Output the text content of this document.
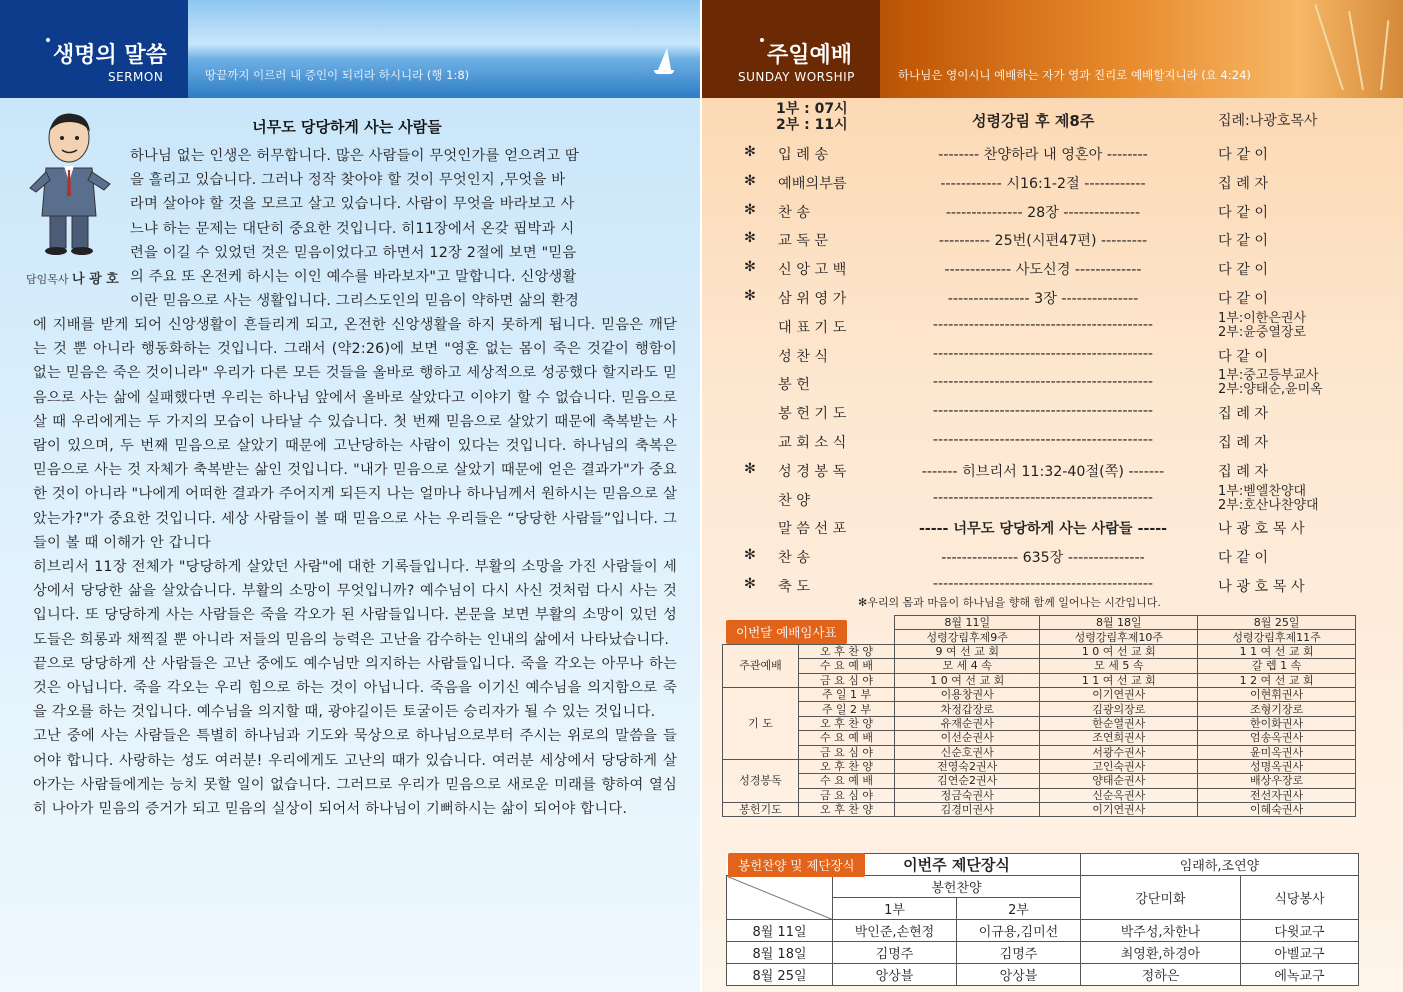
생명의 말씀
SERMON	땅끝까지 이르러 내 증인이 되리라 하시니라 (행 1:8)
주일예배
SUNDAY WORSHIP	하나님은 영이시니 예배하는 자가 영과 진리로 예배할지니라 (요 4:24)
담임목사 나 광 호
너무도 당당하게 사는 사람들
하나님 없는 인생은 허무합니다. 많은 사람들이 무엇인가를 얻으려고 땀
을 흘리고 있습니다. 그러나 정작 찾아야 할 것이 무엇인지 ,무엇을 바
라며 살아야 할 것을 모르고 살고 있습니다. 사람이 무엇을 바라보고 사
느냐 하는 문제는 대단히 중요한 것입니다. 히11장에서 온갖 핍박과 시
련을 이길 수 있었던 것은 믿음이었다고 하면서 12장 2절에 보면 "믿음
의 주요 또 온전케 하시는 이인 예수를 바라보자"고 말합니다. 신앙생활
이란 믿음으로 사는 생활입니다. 그리스도인의 믿음이 약하면 삶의 환경

에 지배를 받게 되어 신앙생활이 흔들리게 되고, 온전한 신앙생활을 하지 못하게 됩니다. 믿음은 깨닫는 것 뿐 아니라 행동화하는 것입니다. 그래서 (약2:26)에 보면 "영혼 없는 몸이 죽은 것같이 행함이 없는 믿음은 죽은 것이니라" 우리가 다른 모든 것들을 올바로 행하고 세상적으로 성공했다 할지라도 믿음으로 사는 삶에 실패했다면 우리는 하나님 앞에서 올바로 살았다고 이야기 할 수 없습니다. 믿음으로 살 때 우리에게는 두 가지의 모습이 나타날 수 있습니다. 첫 번째 믿음으로 살았기 때문에 축복받는 사람이 있으며, 두 번째 믿음으로 살았기 때문에 고난당하는 사람이 있다는 것입니다. 하나님의 축복은 믿음으로 사는 것 자체가 축복받는 삶인 것입니다. "내가 믿음으로 살았기 때문에 얻은 결과가"가 중요한 것이 아니라 "나에게 어떠한 결과가 주어지게 되든지 나는 얼마나 하나님께서 원하시는 믿음으로 살았는가?"가 중요한 것입니다. 세상 사람들이 볼 때 믿음으로 사는 우리들은 “당당한 사람들”입니다. 그들이 볼 때 이해가 안 갑니다

히브리서 11장 전체가 "당당하게 살았던 사람"에 대한 기록들입니다. 부활의 소망을 가진 사람들이 세상에서 당당한 삶을 살았습니다. 부활의 소망이 무엇입니까? 예수님이 다시 사신 것처럼 다시 사는 것입니다. 또 당당하게 사는 사람들은 죽을 각오가 된 사람들입니다. 본문을 보면 부활의 소망이 있던 성도들은 희롱과 채찍질 뿐 아니라 저들의 믿음의 능력은 고난을 감수하는 인내의 삶에서 나타났습니다.

끝으로 당당하게 산 사람들은 고난 중에도 예수님만 의지하는 사람들입니다. 죽을 각오는 아무나 하는 것은 아닙니다. 죽을 각오는 우리 힘으로 하는 것이 아닙니다. 죽음을 이기신 예수님을 의지함으로 죽을 각오를 하는 것입니다. 예수님을 의지할 때, 광야길이든 토굴이든 승리자가 될 수 있는 것입니다.

고난 중에 사는 사람들은 특별히 하나님과 기도와 묵상으로 하나님으로부터 주시는 위로의 말씀을 들어야 합니다. 사랑하는 성도 여러분! 우리에게도 고난의 때가 있습니다. 여러분 세상에서 당당하게 살아가는 사람들에게는 능치 못할 일이 없습니다. 그러므로 우리가 믿음으로 새로운 미래를 향하여 열심히 나아가 믿음의 증거가 되고 믿음의 실상이 되어서 하나님이 기뻐하시는 삶이 되어야 합니다.

1부 : 07시
2부 : 11시	성령강림 후 제8주	집례:나광호목사
✻ 입 례 송	-------- 찬양하라 내 영혼아 --------	다 같 이
✻ 예배의부름	------------ 시16:1-2절 ------------	집 례 자
✻ 찬 송	--------------- 28장 ---------------	다 같 이
✻ 교 독 문	---------- 25번(시편47편) ---------	다 같 이
✻ 신 앙 고 백	------------- 사도신경 -------------	다 같 이
✻ 삼 위 영 가	---------------- 3장 ---------------	다 같 이
대 표 기 도	-------------------------------------------	1부:이한은권사
2부:윤중열장로
성 찬 식	-------------------------------------------	다 같 이
봉 헌	-------------------------------------------	1부:중고등부교사
2부:양태순,윤미옥
봉 헌 기 도	-------------------------------------------	집 례 자
교 회 소 식	-------------------------------------------	집 례 자
✻ 성 경 봉 독	------- 히브리서 11:32-40절(쪽) -------	집 례 자
찬 양	-------------------------------------------	1부:벧엘찬양대
2부:호산나찬양대
말 씀 선 포	----- 너무도 당당하게 사는 사람들 -----	나 광 호 목 사
✻ 찬 송	--------------- 635장 ---------------	다 같 이
✻ 축 도	-------------------------------------------	나 광 호 목 사
✻우리의 몸과 마음이 하나님을 향해 함께 일어나는 시간입니다.
이번달 예배임사표
		8월 11일	8월 18일	8월 25일
		성령강림후제9주	성령강림후제10주	성령강림후제11주
주관예배	오 후 찬 양	9 여 선 교 회	1 0 여 선 교 회	1 1 여 선 교 회
	수 요 예 배	모 세 4 속	모 세 5 속	갈 렙 1 속
	금 요 심 야	1 0 여 선 교 회	1 1 여 선 교 회	1 2 여 선 교 회
기 도	주 일 1 부	이용창권사	이기연권사	이현휘권사
	주 일 2 부	차정갑장로	김광의장로	조형기장로
	오 후 찬 양	유재순권사	한순열권사	한이화권사
	수 요 예 배	이선순권사	조연희권사	엄송옥권사
	금 요 심 야	신순호권사	서광수권사	윤미옥권사
성경봉독	오 후 찬 양	전영숙2권사	고인숙권사	성명옥권사
	수 요 예 배	김연순2권사	양태순권사	배상우장로
	금 요 심 야	정금숙권사	신순옥권사	전선자권사
봉헌기도	오 후 찬 양	김경미권사	이기연권사	이혜숙권사
봉헌찬양 및 제단장식
		이번주 제단장식		임래하,조연양	
	봉헌찬양		강단미화	식당봉사
	1부	2부		
8월 11일	박인준,손현정	이규용,김미선	박주성,차한나	다윗교구
8월 18일	김명주	김명주	최영환,하경아	아벨교구
8월 25일	앙상블	앙상블	정하은	에녹교구
